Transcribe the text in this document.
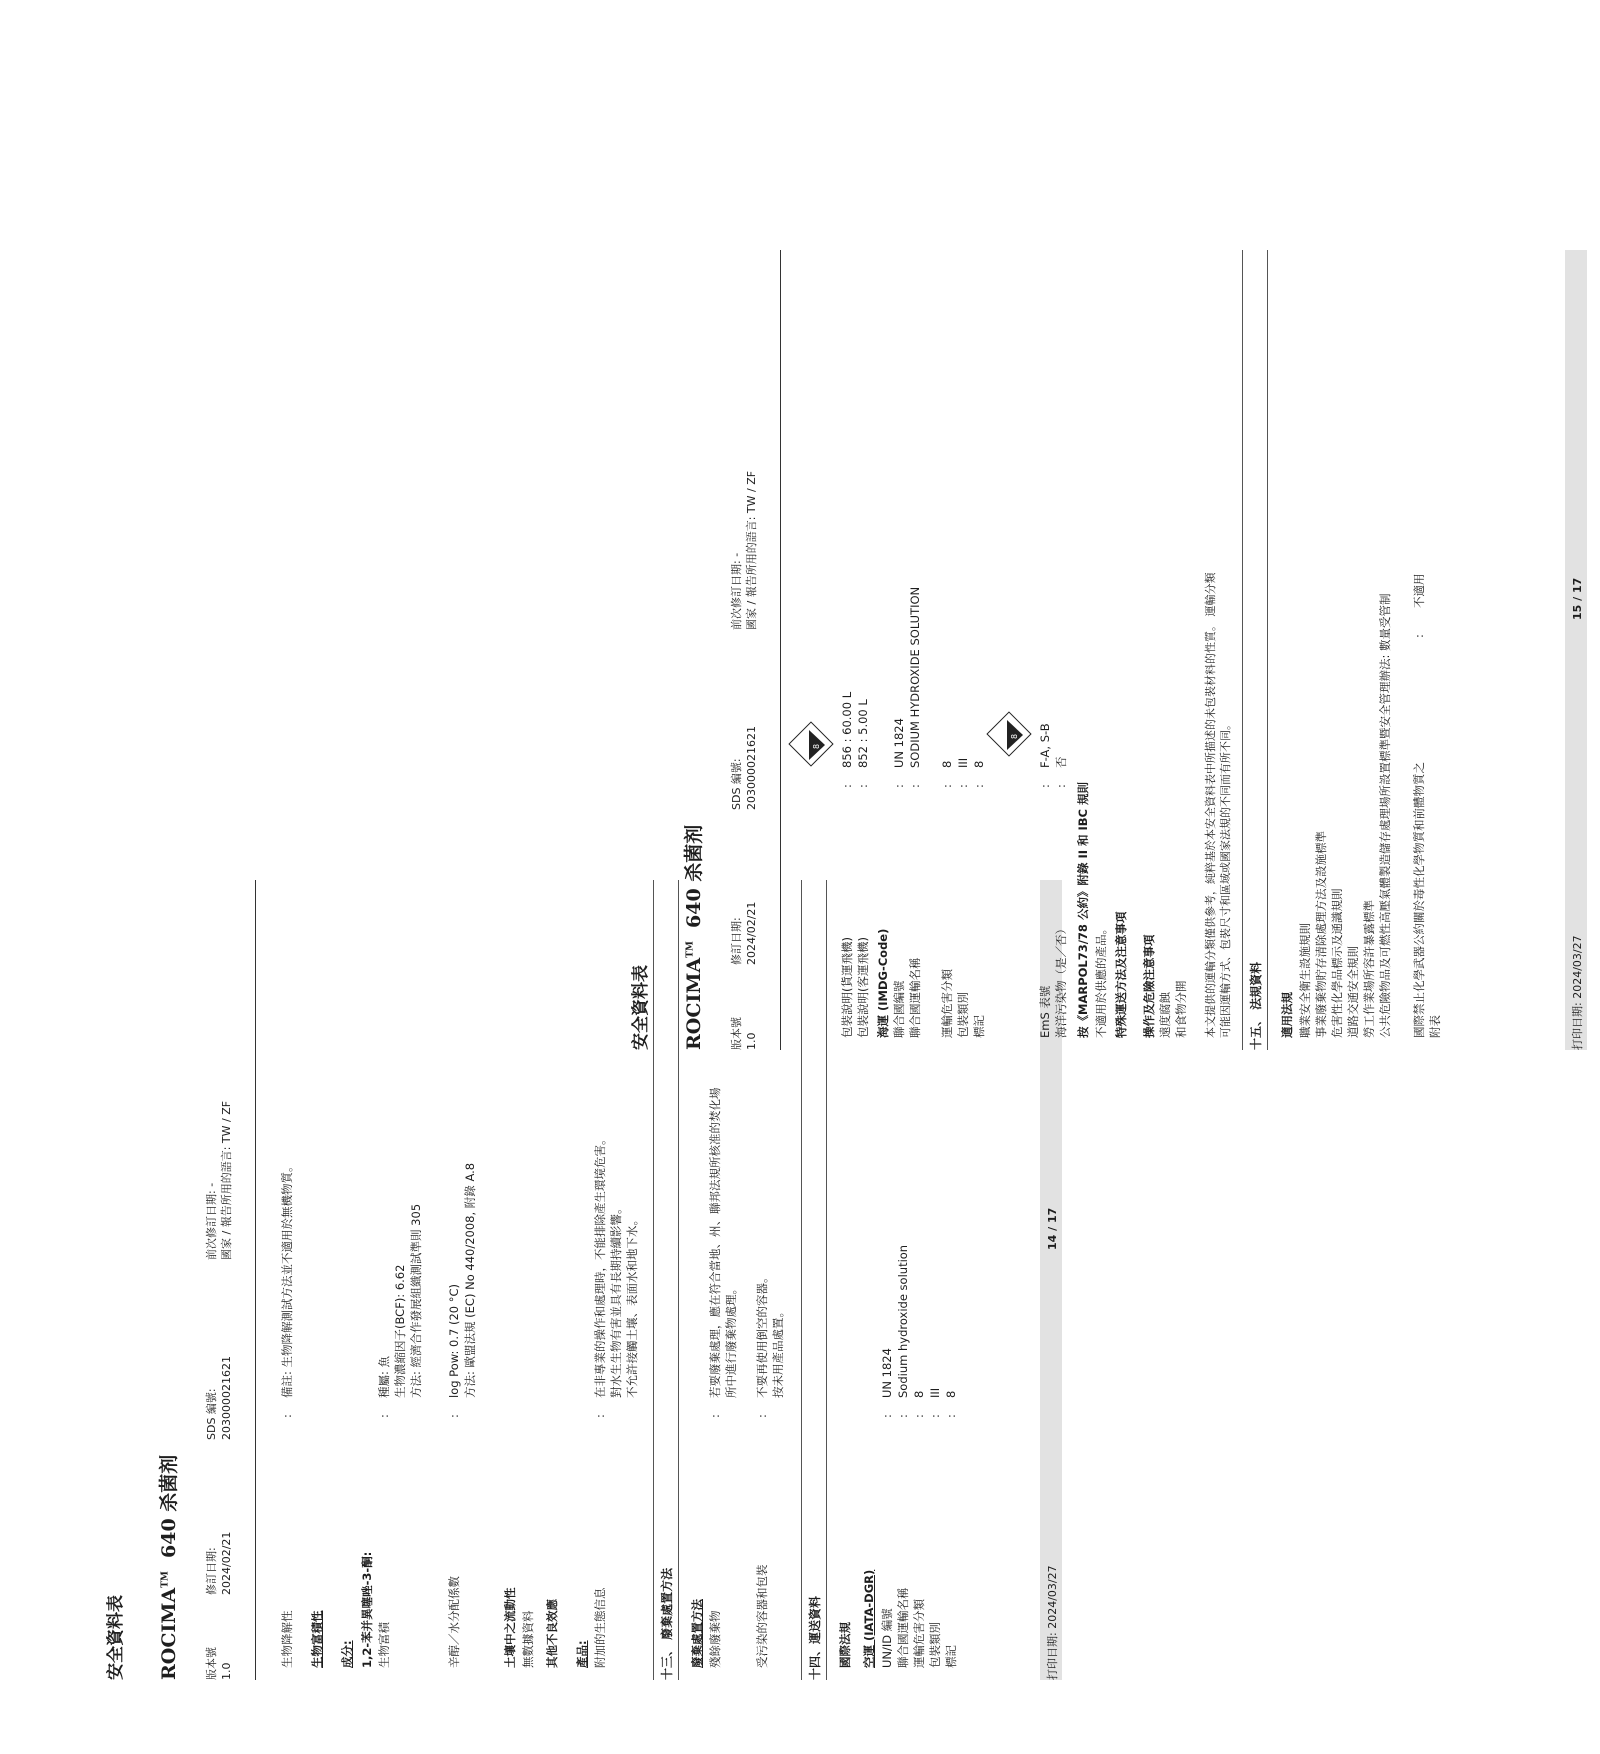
安全資料表 ROCIMA™  640 杀菌剂
版本號 1.0
修訂日期: 2024/02/21
SDS 編號: 203000021621
前次修訂日期: - 國家 / 報告所用的語言: TW / ZF
生物降解性
:
備註: 生物降解測試方法並不適用於無機物質。
生物富積性 成分: 1,2-苯并異噻唑-3-酮: 生物富積
:
種屬: 魚 生物濃縮因子(BCF): 6.62 方法: 經濟合作發展組織測試準則 305
辛醇／水分配係數
:
log Pow: 0.7 (20 °C) 方法: 歐盟法規 (EC) No 440/2008, 附錄 A.8
土壤中之流動性 無數據資料 其他不良效應 產品: 附加的生態信息
:
在非專業的操作和處理時，不能排除產生環境危害。 對水生生物有害並具有長期持續影響。 不允許接觸土壤、表面水和地下水。
十三、 廢棄處置方法 廢棄處置方法 殘餘廢棄物
:
若要廢棄處理，應在符合當地、州、聯邦法規所核准的焚化場 所中進行廢棄物處理。
受污染的容器和包裝
:
不要再使用倒空的容器。 按未用產品處置。
十四、運送資料 國際法規 空運 (IATA-DGR) UN/ID 編號
:
UN 1824
聯合國運輸名稱
:
Sodium hydroxide solution
運輸危害分類
:
8
包裝類別
:
III
標記
:
8
打印日期: 2024/03/27
14 / 17
安全資料表 ROCIMA™  640 杀菌剂
版本號 1.0
修訂日期: 2024/02/21
SDS 編號: 203000021621
前次修訂日期: - 國家 / 報告所用的語言: TW / ZF
8
包裝說明(貨運飛機)
:
856 : 60.00 L
包裝說明(客運飛機)
:
852 : 5.00 L
海運 (IMDG-Code) 聯合國編號
:
UN 1824
聯合國運輸名稱
:
SODIUM HYDROXIDE SOLUTION
運輸危害分類
:
8
包裝類別
:
III
標記
:
8
8
EmS 表號
:
F-A, S-B
海洋污染物（是／否）
:
否
按《MARPOL73/78 公約》附錄 II 和 IBC 規則 不適用於供應的產品。 特殊運送方法及注意事項 操作及危險注意事項 遠度腐蝕 和食物分開 本文提供的運輸分類僅供參考，純粹基於本安全資料表中所描述的未包裝材料的性質。 運輸分類 可能因運輸方式、包裝尺寸和區域或國家法規的不同而有所不同。 十五、 法規資料 適用法規 職業安全衛生設施規則 事業廢棄物貯存清除處理方法及設施標準 危害性化學品標示及通識規則 道路交通安全規則 勞工作業場所容許暴露標準 公共危險物品及可燃性高壓氣體製造儲存處理場所設置標準暨安全管理辦法: 數量受管制 國際禁止化學武器公約關於毒性化學物質和前體物質之 附表
:
不適用
打印日期: 2024/03/27
15 / 17
